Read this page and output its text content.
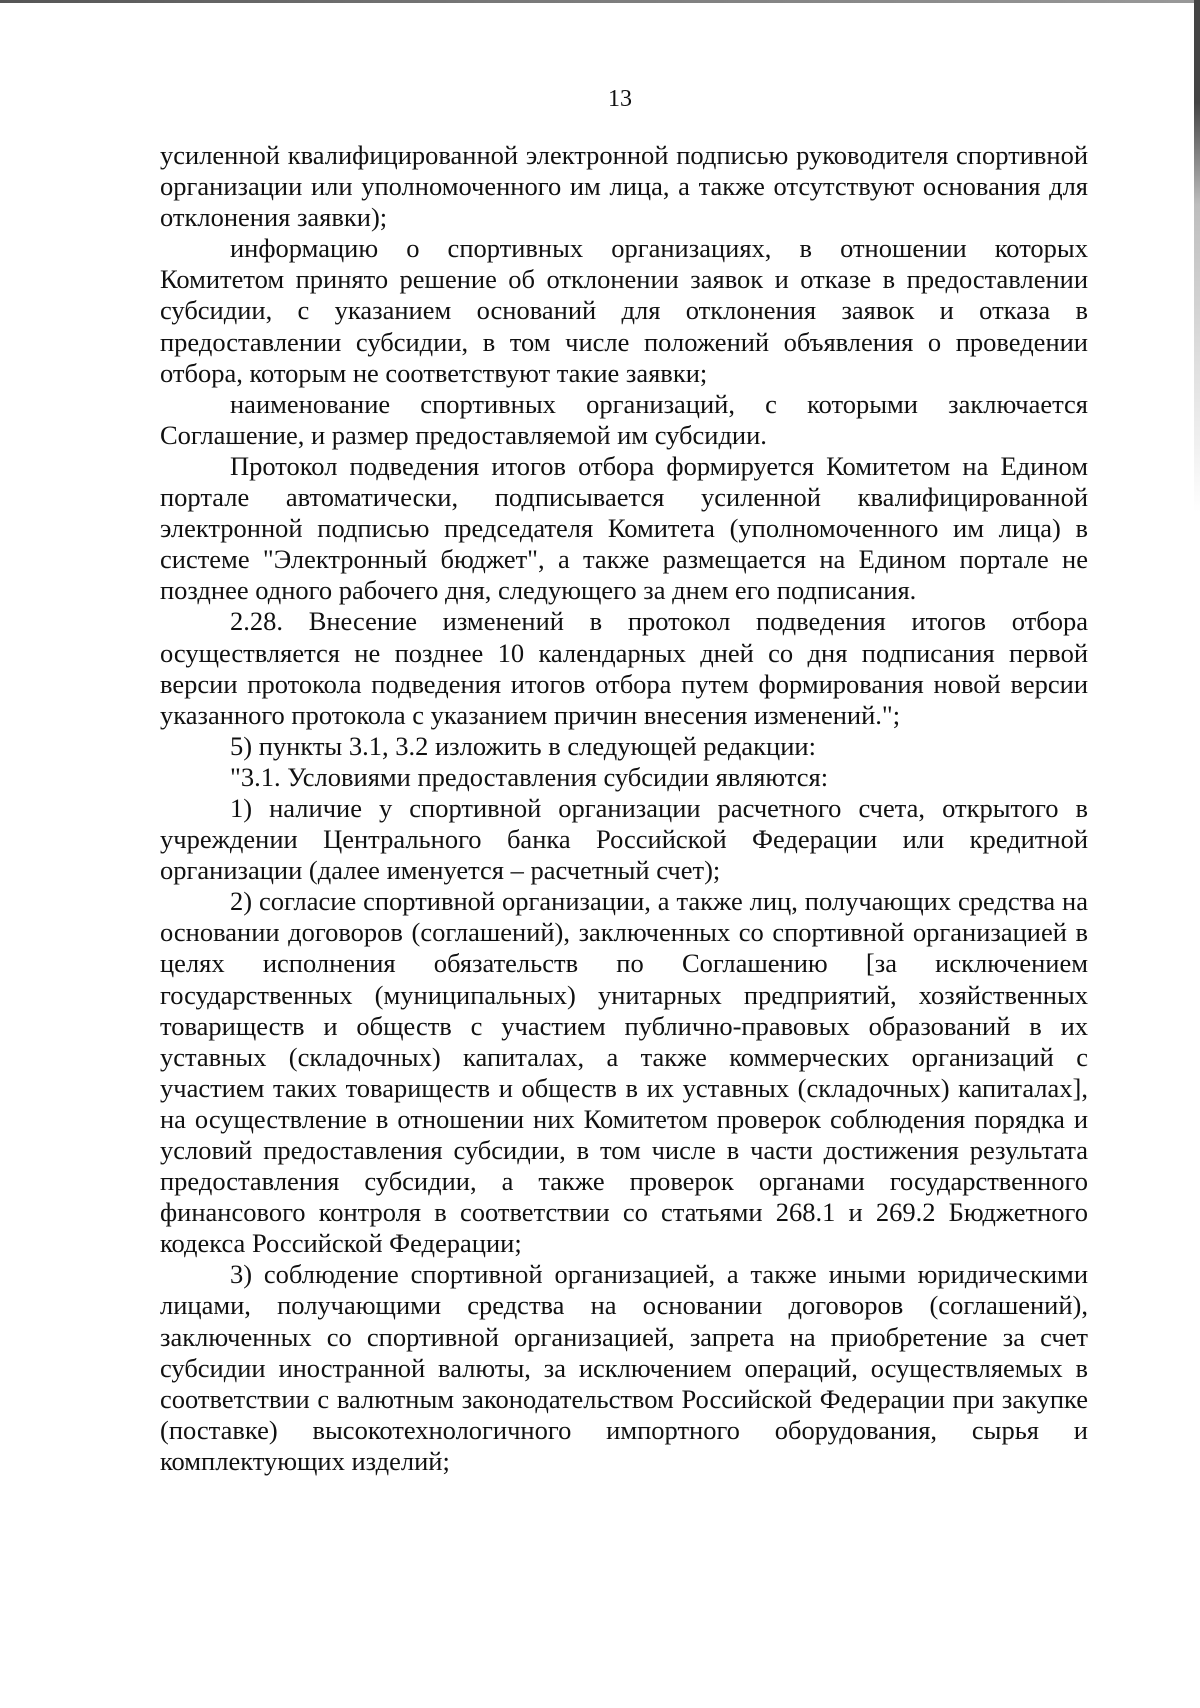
13

усиленной квалифицированной электронной подписью руководителя спортивной организации или уполномоченного им лица, а также отсутствуют основания для отклонения заявки);

информацию о спортивных организациях, в отношении которых Комитетом принято решение об отклонении заявок и отказе в предоставлении субсидии, с указанием оснований для отклонения заявок и отказа в предоставлении субсидии, в том числе положений объявления о проведении отбора, которым не соответствуют такие заявки;

наименование спортивных организаций, с которыми заключается Соглашение, и размер предоставляемой им субсидии.

Протокол подведения итогов отбора формируется Комитетом на Едином портале автоматически, подписывается усиленной квалифицированной электронной подписью председателя Комитета (уполномоченного им лица) в системе "Электронный бюджет", а также размещается на Едином портале не позднее одного рабочего дня, следующего за днем его подписания.

2.28. Внесение изменений в протокол подведения итогов отбора осуществляется не позднее 10 календарных дней со дня подписания первой версии протокола подведения итогов отбора путем формирования новой версии указанного протокола с указанием причин внесения изменений.";

5) пункты 3.1, 3.2 изложить в следующей редакции:

"3.1. Условиями предоставления субсидии являются:

1) наличие у спортивной организации расчетного счета, открытого в учреждении Центрального банка Российской Федерации или кредитной организации (далее именуется – расчетный счет);

2) согласие спортивной организации, а также лиц, получающих средства на основании договоров (соглашений), заключенных со спортивной организацией в целях исполнения обязательств по Соглашению [за исключением государственных (муниципальных) унитарных предприятий, хозяйственных товариществ и обществ с участием публично-правовых образований в их уставных (складочных) капиталах, а также коммерческих организаций с участием таких товариществ и обществ в их уставных (складочных) капиталах], на осуществление в отношении них Комитетом проверок соблюдения порядка и условий предоставления субсидии, в том числе в части достижения результата предоставления субсидии, а также проверок органами государственного финансового контроля в соответствии со статьями 268.1 и 269.2 Бюджетного кодекса Российской Федерации;

3) соблюдение спортивной организацией, а также иными юридическими лицами, получающими средства на основании договоров (соглашений), заключенных со спортивной организацией, запрета на приобретение за счет субсидии иностранной валюты, за исключением операций, осуществляемых в соответствии с валютным законодательством Российской Федерации при закупке (поставке) высокотехнологичного импортного оборудования, сырья и комплектующих изделий;
